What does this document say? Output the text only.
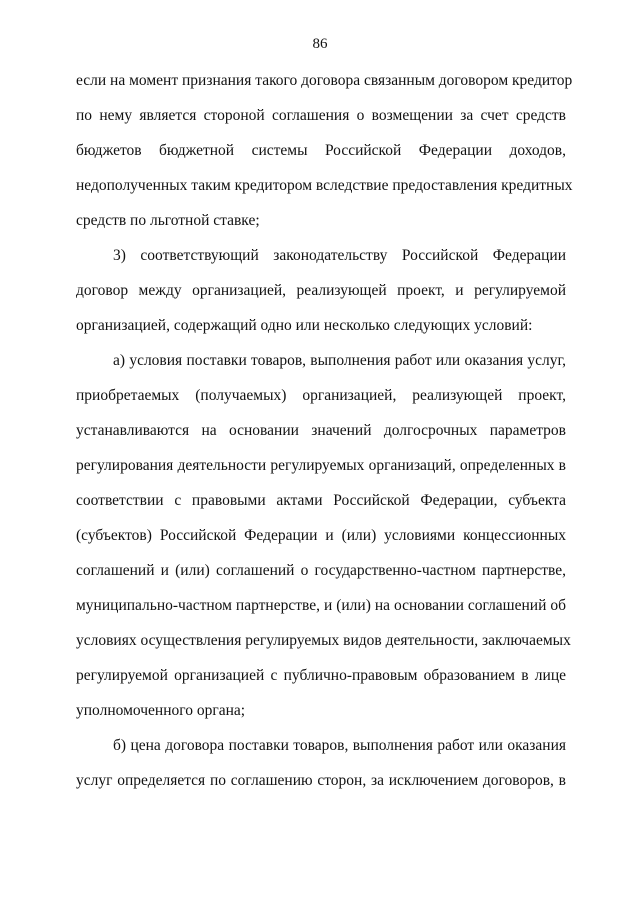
86
если на момент признания такого договора связанным договором кредитор
по нему является стороной соглашения о возмещении за счет средств
бюджетов бюджетной системы Российской Федерации доходов,
недополученных таким кредитором вследствие предоставления кредитных
средств по льготной ставке;
3) соответствующий законодательству Российской Федерации
договор между организацией, реализующей проект, и регулируемой
организацией, содержащий одно или несколько следующих условий:
а) условия поставки товаров, выполнения работ или оказания услуг,
приобретаемых (получаемых) организацией, реализующей проект,
устанавливаются на основании значений долгосрочных параметров
регулирования деятельности регулируемых организаций, определенных в
соответствии с правовыми актами Российской Федерации, субъекта
(субъектов) Российской Федерации и (или) условиями концессионных
соглашений и (или) соглашений о государственно-частном партнерстве,
муниципально-частном партнерстве, и (или) на основании соглашений об
условиях осуществления регулируемых видов деятельности, заключаемых
регулируемой организацией с публично-правовым образованием в лице
уполномоченного органа;
б) цена договора поставки товаров, выполнения работ или оказания
услуг определяется по соглашению сторон, за исключением договоров, в
